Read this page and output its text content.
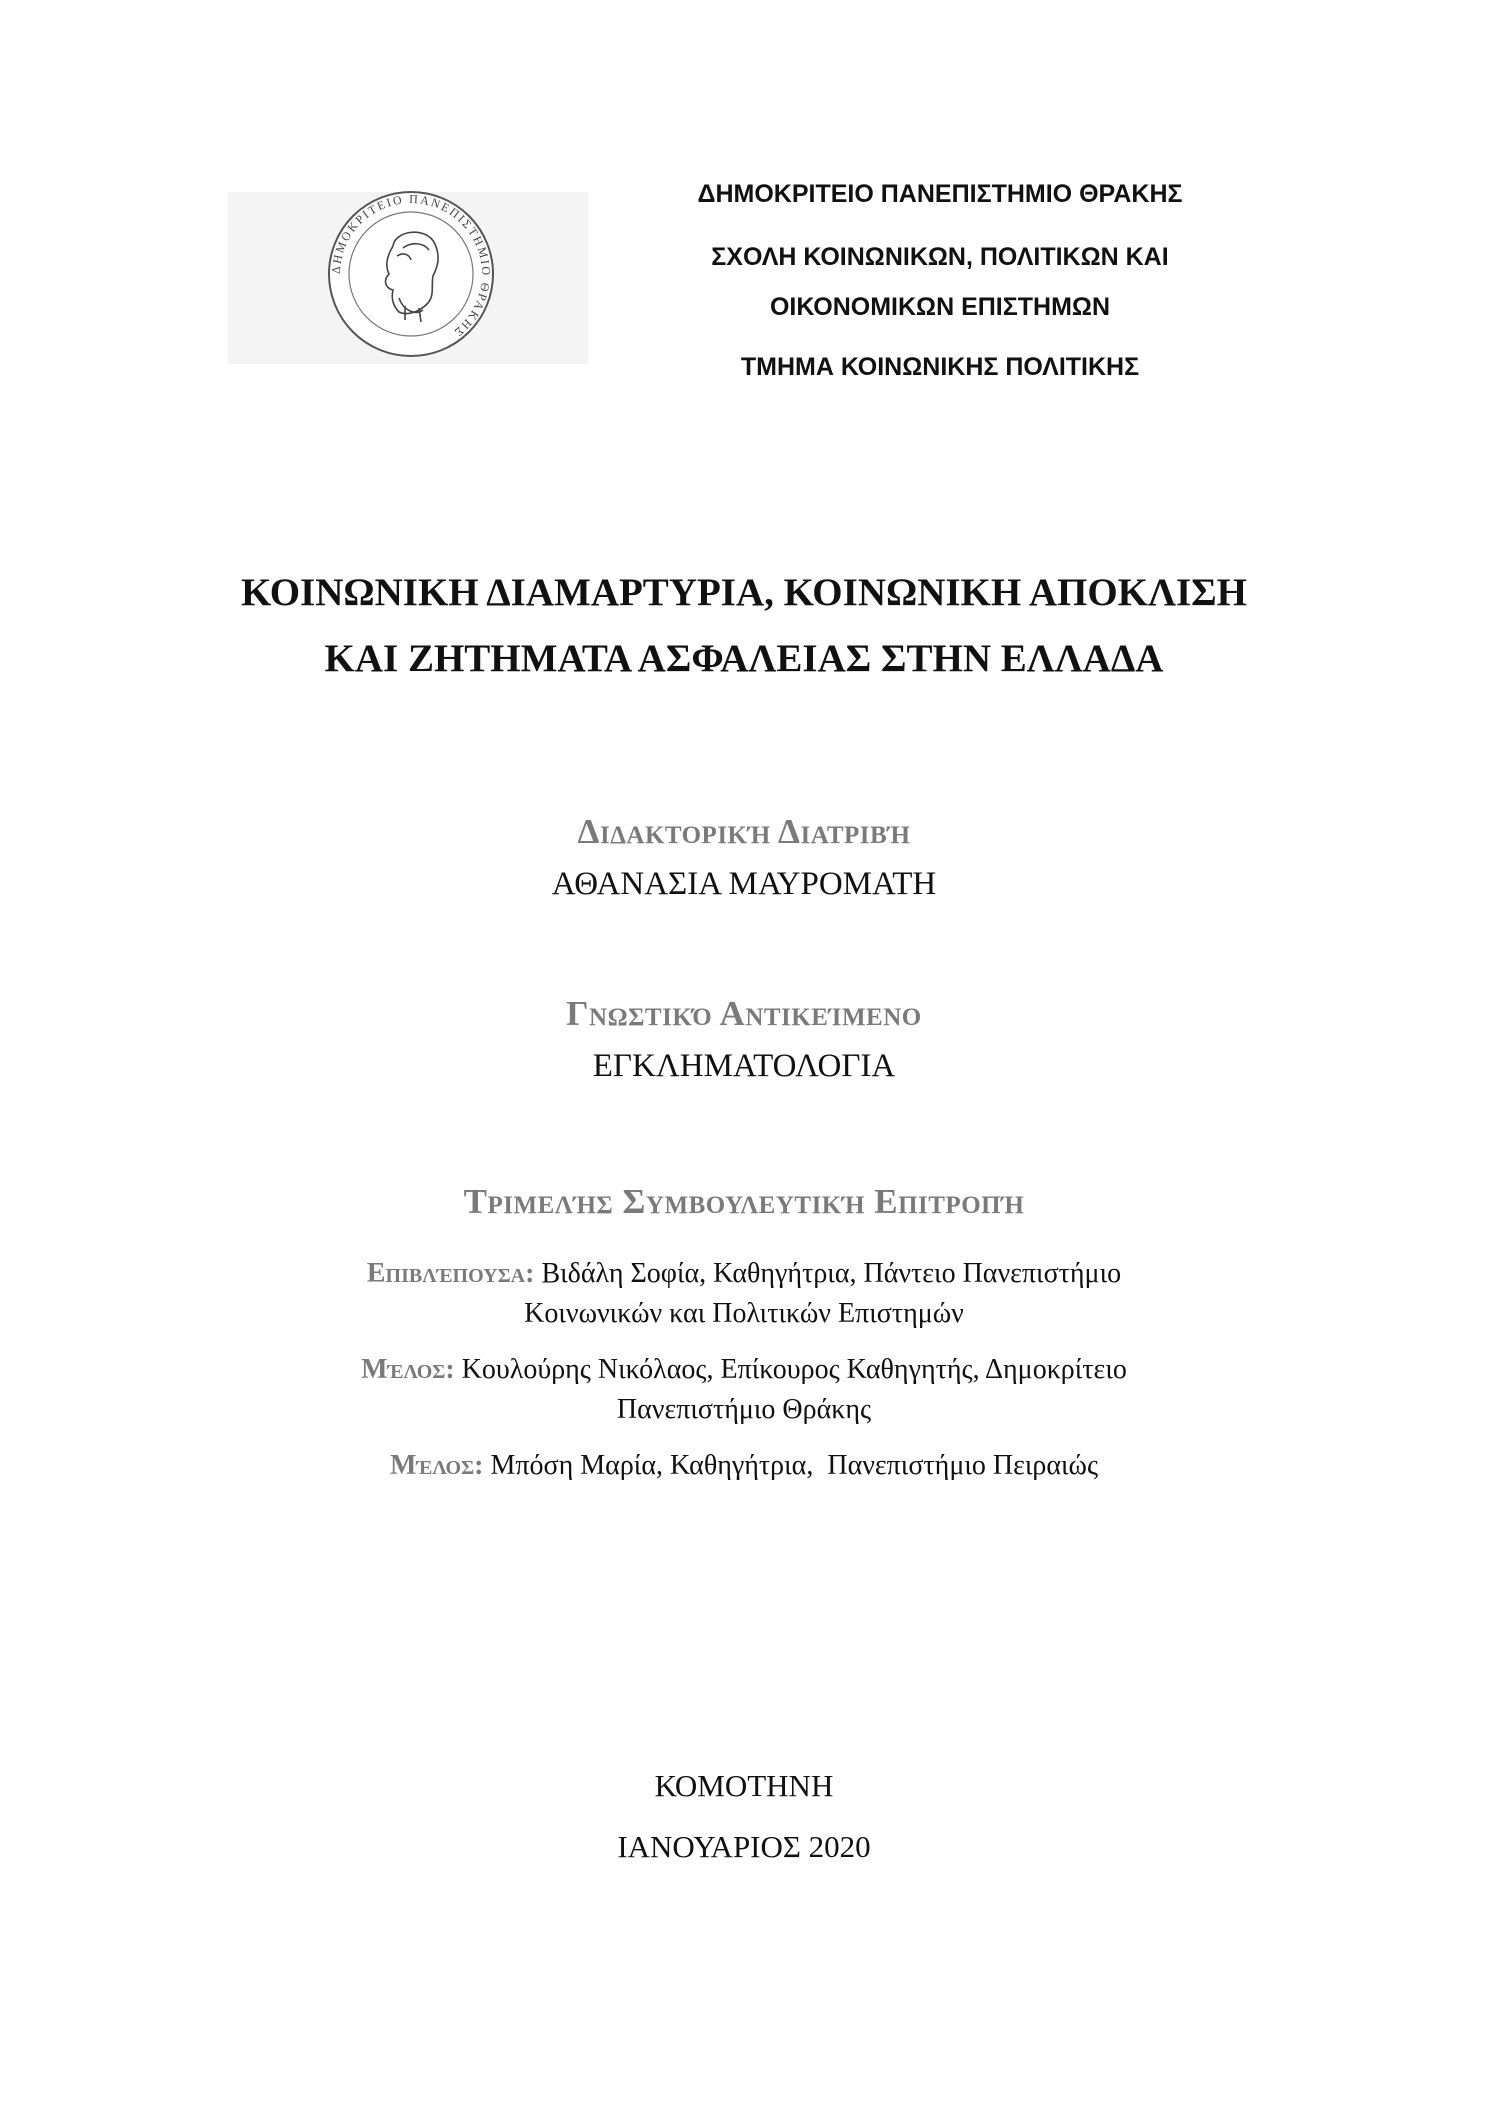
ΔΗΜΟΚΡΙΤΕΙΟ ΠΑΝΕΠΙΣΤΗΜΙΟ ΘΡΑΚΗΣ
ΔΗΜΟΚΡΙΤΕΙΟ ΠΑΝΕΠΙΣΤΗΜΙΟ ΘΡΑΚΗΣ
ΣΧΟΛΗ ΚΟΙΝΩΝΙΚΩΝ, ΠΟΛΙΤΙΚΩΝ ΚΑΙ
ΟΙΚΟΝΟΜΙΚΩΝ ΕΠΙΣΤΗΜΩΝ
ΤΜΗΜΑ ΚΟΙΝΩΝΙΚΗΣ ΠΟΛΙΤΙΚΗΣ
ΚΟΙΝΩΝΙΚΗ ΔΙΑΜΑΡΤΥΡΙΑ, ΚΟΙΝΩΝΙΚΗ ΑΠΟΚΛΙΣΗ
ΚΑΙ ΖΗΤΗΜΑΤΑ ΑΣΦΑΛΕΙΑΣ ΣΤΗΝ ΕΛΛΑΔΑ
Διδακτορική Διατριβή
ΑΘΑΝΑΣΙΑ ΜΑΥΡΟΜΑΤΗ
Γνωστικό Αντικείμενο
ΕΓΚΛΗΜΑΤΟΛΟΓΙΑ
Τριμελής Συμβουλευτική Επιτροπή
Επιβλέπουσα: Βιδάλη Σοφία, Καθηγήτρια, Πάντειο Πανεπιστήμιο
Κοινωνικών και Πολιτικών Επιστημών
Μέλος: Κουλούρης Νικόλαος, Επίκουρος Καθηγητής, Δημοκρίτειο
Πανεπιστήμιο Θράκης
Μέλος: Μπόση Μαρία, Καθηγήτρια,  Πανεπιστήμιο Πειραιώς
ΚΟΜΟΤΗΝΗ
ΙΑΝΟΥΑΡΙΟΣ 2020
